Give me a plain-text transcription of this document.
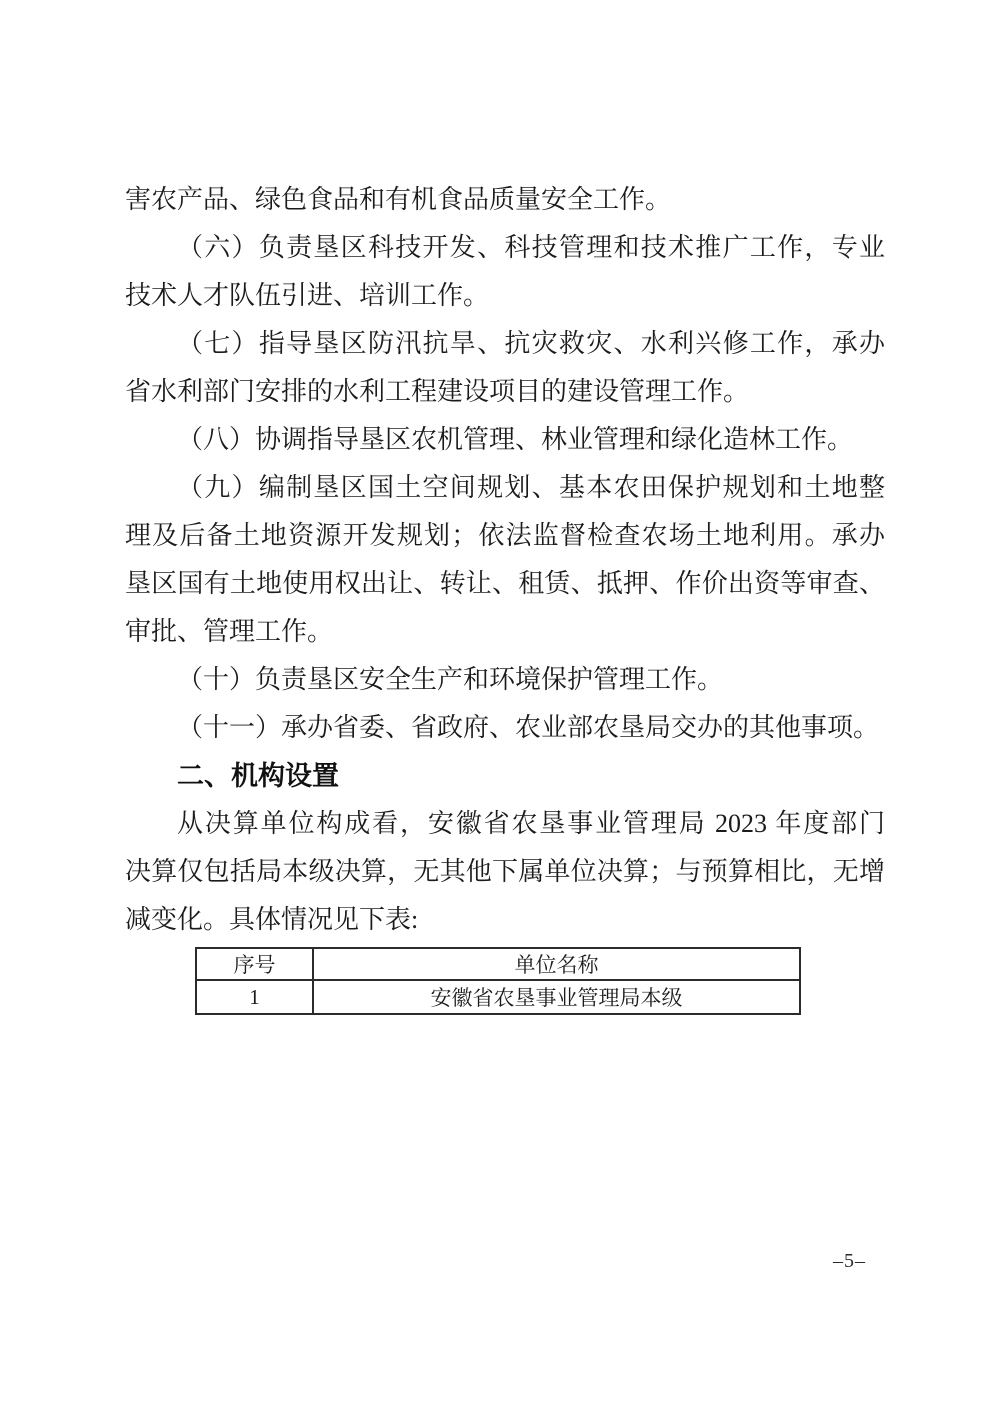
害农产品、绿色食品和有机食品质量安全工作。
（六）负责垦区科技开发、科技管理和技术推广工作，专业
技术人才队伍引进、培训工作。
（七）指导垦区防汛抗旱、抗灾救灾、水利兴修工作，承办
省水利部门安排的水利工程建设项目的建设管理工作。
（八）协调指导垦区农机管理、林业管理和绿化造林工作。
（九）编制垦区国土空间规划、基本农田保护规划和土地整
理及后备土地资源开发规划；依法监督检查农场土地利用。承办
垦区国有土地使用权出让、转让、租赁、抵押、作价出资等审查、
审批、管理工作。
（十）负责垦区安全生产和环境保护管理工作。
（十一）承办省委、省政府、农业部农垦局交办的其他事项。
二、机构设置
从决算单位构成看，安徽省农垦事业管理局 2023 年度部门
决算仅包括局本级决算，无其他下属单位决算；与预算相比，无增
减变化。具体情况见下表:
序号	单位名称
1	安徽省农垦事业管理局本级
–5–
